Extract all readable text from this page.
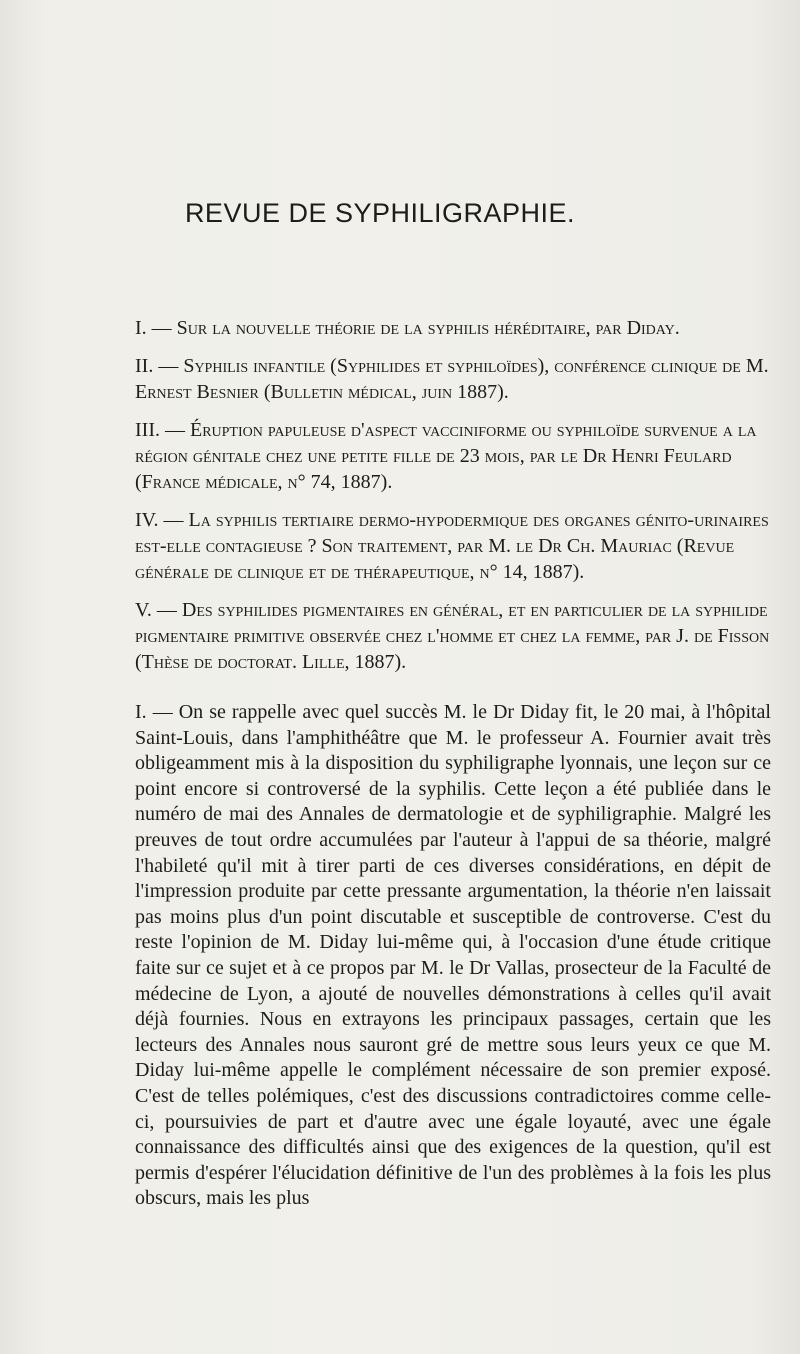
REVUE DE SYPHILIGRAPHIE.
I. — Sur la nouvelle théorie de la syphilis héréditaire, par Diday.
II. — Syphilis infantile (Syphilides et syphiloïdes), conférence clinique de M. Ernest Besnier (Bulletin médical, juin 1887).
III. — Éruption papuleuse d'aspect vacciniforme ou syphiloïde survenue a la région génitale chez une petite fille de 23 mois, par le Dr Henri Feulard (France médicale, n° 74, 1887).
IV. — La syphilis tertiaire dermo-hypodermique des organes génito-urinaires est-elle contagieuse ? Son traitement, par M. le Dr Ch. Mauriac (Revue générale de clinique et de thérapeutique, n° 14, 1887).
V. — Des syphilides pigmentaires en général, et en particulier de la syphilide pigmentaire primitive observée chez l'homme et chez la femme, par J. de Fisson (Thèse de doctorat. Lille, 1887).

I. — On se rappelle avec quel succès M. le Dr Diday fit, le 20 mai, à l'hôpital Saint-Louis, dans l'amphithéâtre que M. le professeur A. Fournier avait très obligeamment mis à la disposition du syphiligraphe lyonnais, une leçon sur ce point encore si controversé de la syphilis. Cette leçon a été publiée dans le numéro de mai des Annales de dermatologie et de syphiligraphie. Malgré les preuves de tout ordre accumulées par l'auteur à l'appui de sa théorie, malgré l'habileté qu'il mit à tirer parti de ces diverses considérations, en dépit de l'impression produite par cette pressante argumentation, la théorie n'en laissait pas moins plus d'un point discutable et susceptible de controverse. C'est du reste l'opinion de M. Diday lui-même qui, à l'occasion d'une étude critique faite sur ce sujet et à ce propos par M. le Dr Vallas, prosecteur de la Faculté de médecine de Lyon, a ajouté de nouvelles démonstrations à celles qu'il avait déjà fournies. Nous en extrayons les principaux passages, certain que les lecteurs des Annales nous sauront gré de mettre sous leurs yeux ce que M. Diday lui-même appelle le complément nécessaire de son premier exposé. C'est de telles polémiques, c'est des discussions contradictoires comme celle-ci, poursuivies de part et d'autre avec une égale loyauté, avec une égale connaissance des difficultés ainsi que des exigences de la question, qu'il est permis d'espérer l'élucidation définitive de l'un des problèmes à la fois les plus obscurs, mais les plus
